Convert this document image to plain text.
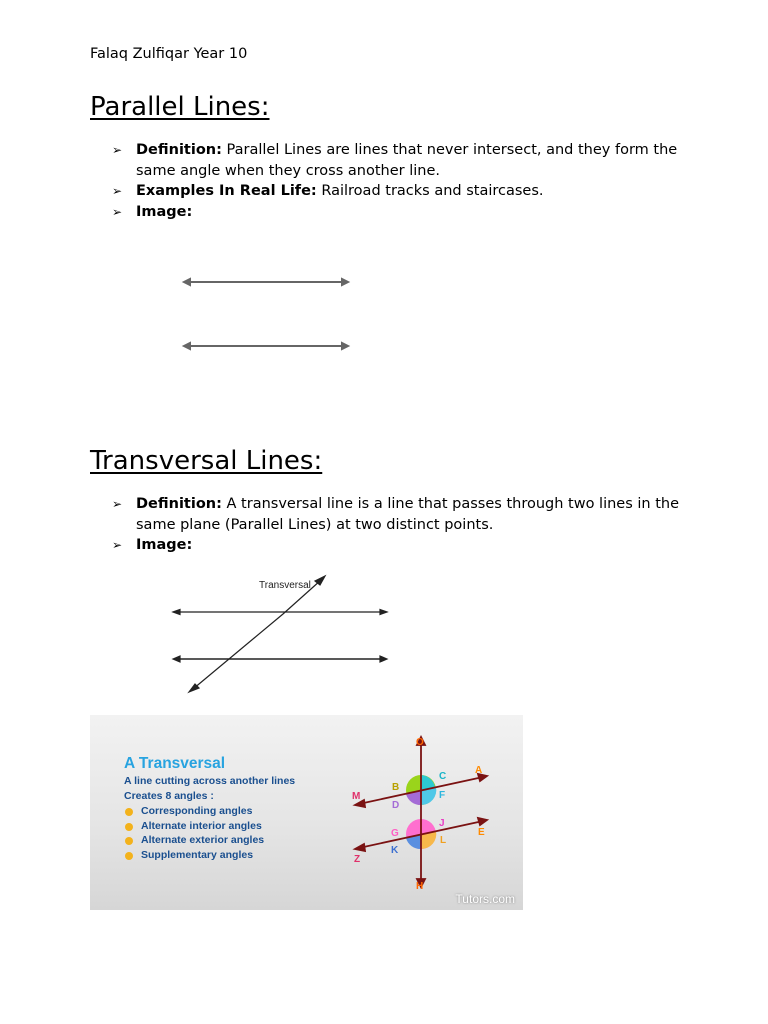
Falaq Zulfiqar Year 10
Parallel Lines:
➢ Definition: Parallel Lines are lines that never intersect, and they form the same angle when they cross another line.
➢ Examples In Real Life: Railroad tracks and staircases.
➢ Image:
Transversal Lines:
➢ Definition: A transversal line is a line that passes through two lines in the same plane (Parallel Lines) at two distinct points.
➢ Image:
Transversal
A Transversal
A line cutting across another lines
Creates 8 angles :
Corresponding angles
Alternate interior angles
Alternate exterior angles
Supplementary angles
O
A
M
B
C
D
F
G
J
E
K
L
Z
H
Tutors.com
